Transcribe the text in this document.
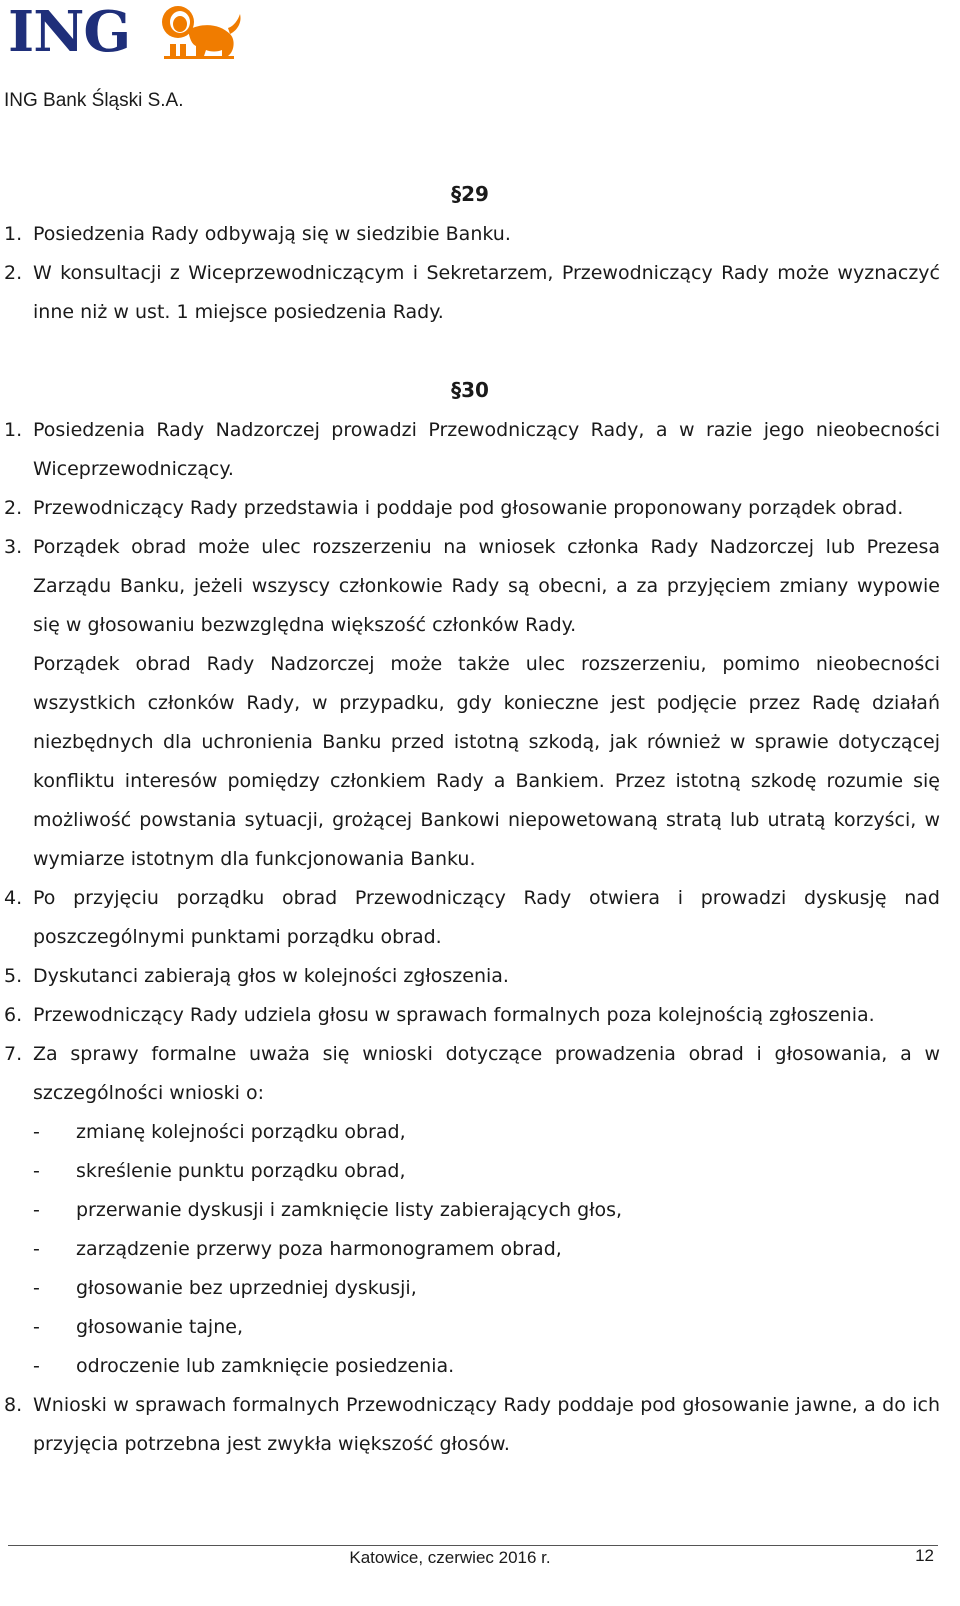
ING
ING Bank Śląski S.A.
§29
1. Posiedzenia Rady odbywają się w siedzibie Banku.
2. W konsultacji z Wiceprzewodniczącym i Sekretarzem, Przewodniczący Rady może wyznaczyć inne niż w ust. 1 miejsce posiedzenia Rady.
§30
1. Posiedzenia Rady Nadzorczej prowadzi Przewodniczący Rady, a w razie jego nieobecności Wiceprzewodniczący.
2. Przewodniczący Rady przedstawia i poddaje pod głosowanie proponowany porządek obrad.
3. Porządek obrad może ulec rozszerzeniu na wniosek członka Rady Nadzorczej lub Prezesa Zarządu Banku, jeżeli wszyscy członkowie Rady są obecni, a za przyjęciem zmiany wypowie się w głosowaniu bezwzględna większość członków Rady.
Porządek obrad Rady Nadzorczej może także ulec rozszerzeniu, pomimo nieobecności wszystkich członków Rady, w przypadku, gdy konieczne jest podjęcie przez Radę działań niezbędnych dla uchronienia Banku przed istotną szkodą, jak również w sprawie dotyczącej konfliktu interesów pomiędzy członkiem Rady a Bankiem. Przez istotną szkodę rozumie się możliwość powstania sytuacji, grożącej Bankowi niepowetowaną stratą lub utratą korzyści, w wymiarze istotnym dla funkcjonowania Banku.
4. Po przyjęciu porządku obrad Przewodniczący Rady otwiera i prowadzi dyskusję nad poszczególnymi punktami porządku obrad.
5. Dyskutanci zabierają głos w kolejności zgłoszenia.
6. Przewodniczący Rady udziela głosu w sprawach formalnych poza kolejnością zgłoszenia.
7. Za sprawy formalne uważa się wnioski dotyczące prowadzenia obrad i głosowania, a w szczególności wnioski o:
- zmianę kolejności porządku obrad,
- skreślenie punktu porządku obrad,
- przerwanie dyskusji i zamknięcie listy zabierających głos,
- zarządzenie przerwy poza harmonogramem obrad,
- głosowanie bez uprzedniej dyskusji,
- głosowanie tajne,
- odroczenie lub zamknięcie posiedzenia.
8. Wnioski w sprawach formalnych Przewodniczący Rady poddaje pod głosowanie jawne, a do ich przyjęcia potrzebna jest zwykła większość głosów.
Katowice, czerwiec 2016 r.	12
